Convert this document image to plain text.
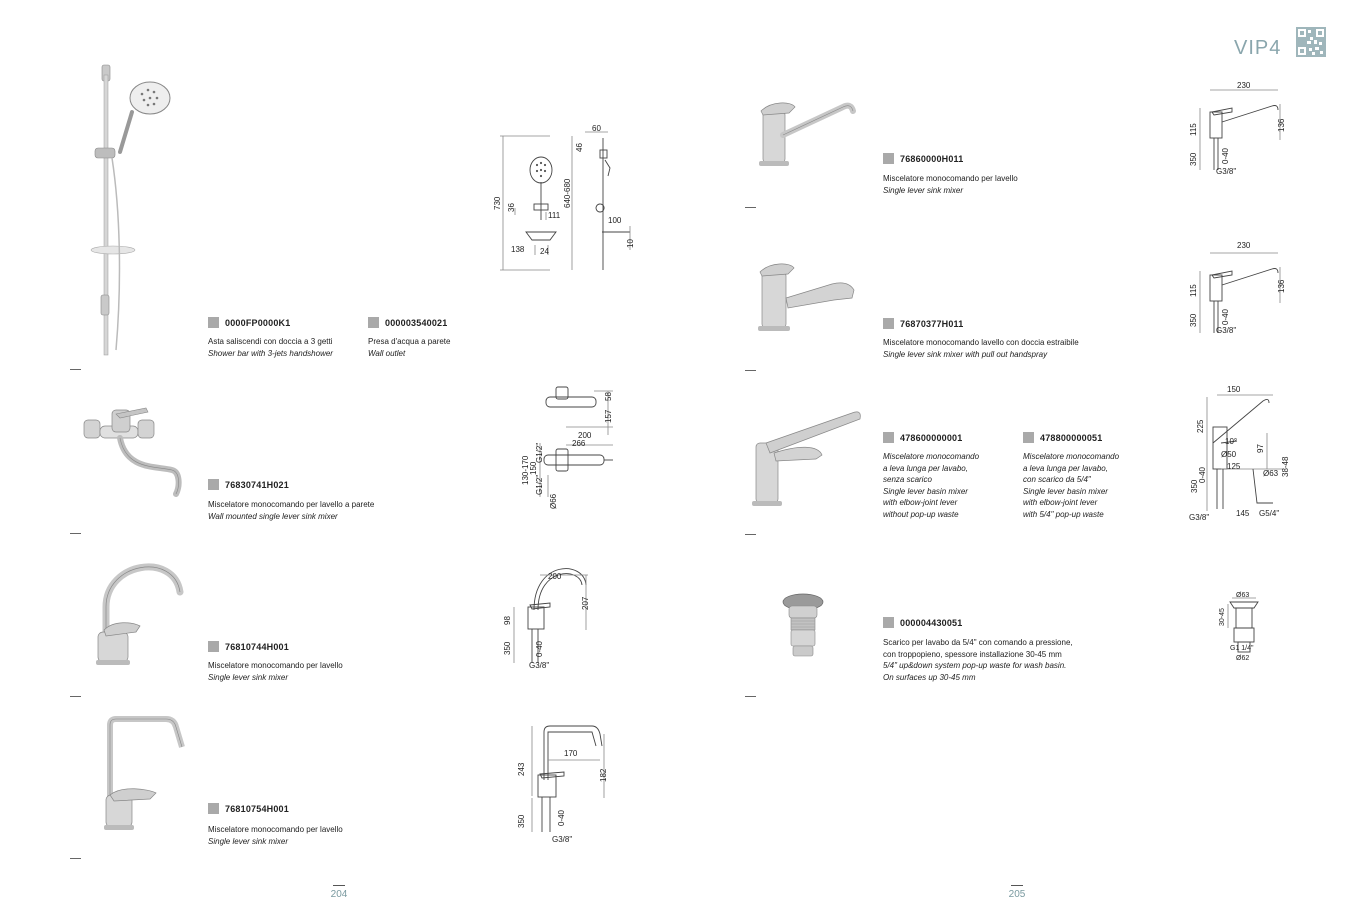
VIP4
0000FP0000K1
Asta saliscendi con doccia a 3 getti
Shower bar with 3-jets handshower
000003540021
Presa d'acqua a parete
Wall outlet
730 36
111
138 24
60
46
640-680
100
10
76830741H021
Miscelatore monocomando per lavello a parete
Wall mounted single lever sink mixer
58
157
200
266
130-170 150
G1/2"
G1/2"
Ø66
76810744H001
Miscelatore monocomando per lavello
Single lever sink mixer
200
207
98
350	0-40
G3/8"
76810754H001
Miscelatore monocomando per lavello
Single lever sink mixer
170
243	182
350	0-40
G3/8"
204
76860000H011
Miscelatore monocomando per lavello
Single lever sink mixer
230
115	136
350	0-40
G3/8"
76870377H011
Miscelatore monocomando lavello con doccia estraibile
Single lever sink mixer with pull out handspray
230
115	136
350	0-40
G3/8"
478600000001
Miscelatore monocomando
a leva lunga per lavabo,
senza scarico
Single lever basin mixer
with elbow-joint lever
without pop-up waste
478800000051
Miscelatore monocomando
a leva lunga per lavabo,
con scarico da 5/4"
Single lever basin mixer
with elbow-joint lever
with 5/4" pop-up waste
150
225
10°
Ø50
97
125
Ø63 38-48
350
0-40
G3/8"	145 G5/4"
000004430051
Scarico per lavabo da 5/4" con comando a pressione,
con troppopieno, spessore installazione 30-45 mm
5/4" up&down system pop-up waste for wash basin.
On surfaces up 30-45 mm
Ø63
30-45
G1 1/4"
Ø62
205
